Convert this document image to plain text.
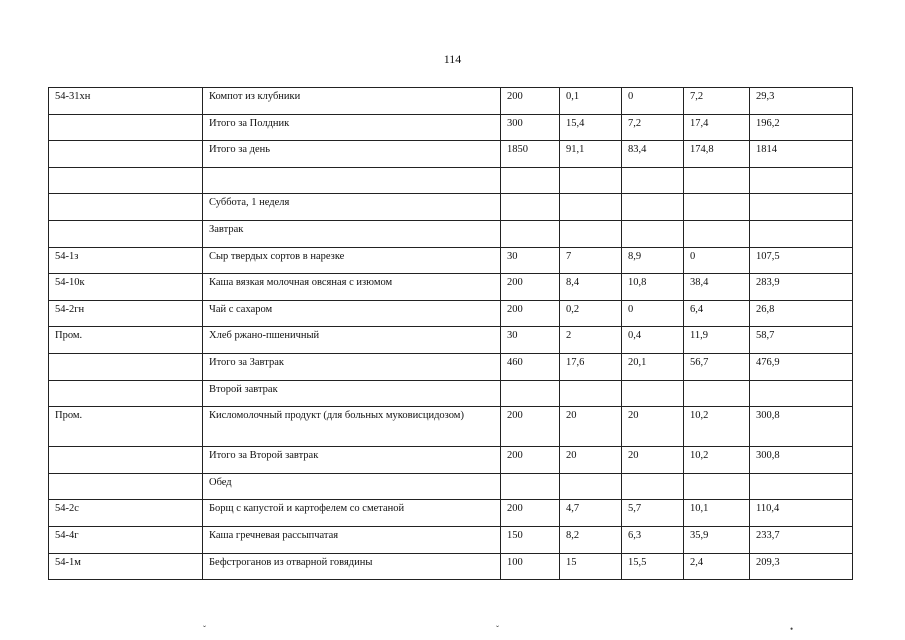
114
54-31хн	Компот из клубники	200	0,1	0	7,2	29,3
	Итого за Полдник	300	15,4	7,2	17,4	196,2
	Итого за день	1850	91,1	83,4	174,8	1814

	Суббота, 1 неделя					
	Завтрак					
54-1з	Сыр твердых сортов в нарезке	30	7	8,9	0	107,5
54-10к	Каша вязкая молочная овсяная с изюмом	200	8,4	10,8	38,4	283,9
54-2гн	Чай с сахаром	200	0,2	0	6,4	26,8
Пром.	Хлеб ржано-пшеничный	30	2	0,4	11,9	58,7
	Итого за Завтрак	460	17,6	20,1	56,7	476,9
	Второй завтрак					
Пром.	Кисломолочный продукт (для больных муковисцидозом)	200	20	20	10,2	300,8
	Итого за Второй завтрак	200	20	20	10,2	300,8
	Обед					
54-2с	Борщ с капустой и картофелем со сметаной	200	4,7	5,7	10,1	110,4
54-4г	Каша гречневая рассыпчатая	150	8,2	6,3	35,9	233,7
54-1м	Бефстроганов из отварной говядины	100	15	15,5	2,4	209,3
ˇ	ˇ	•
